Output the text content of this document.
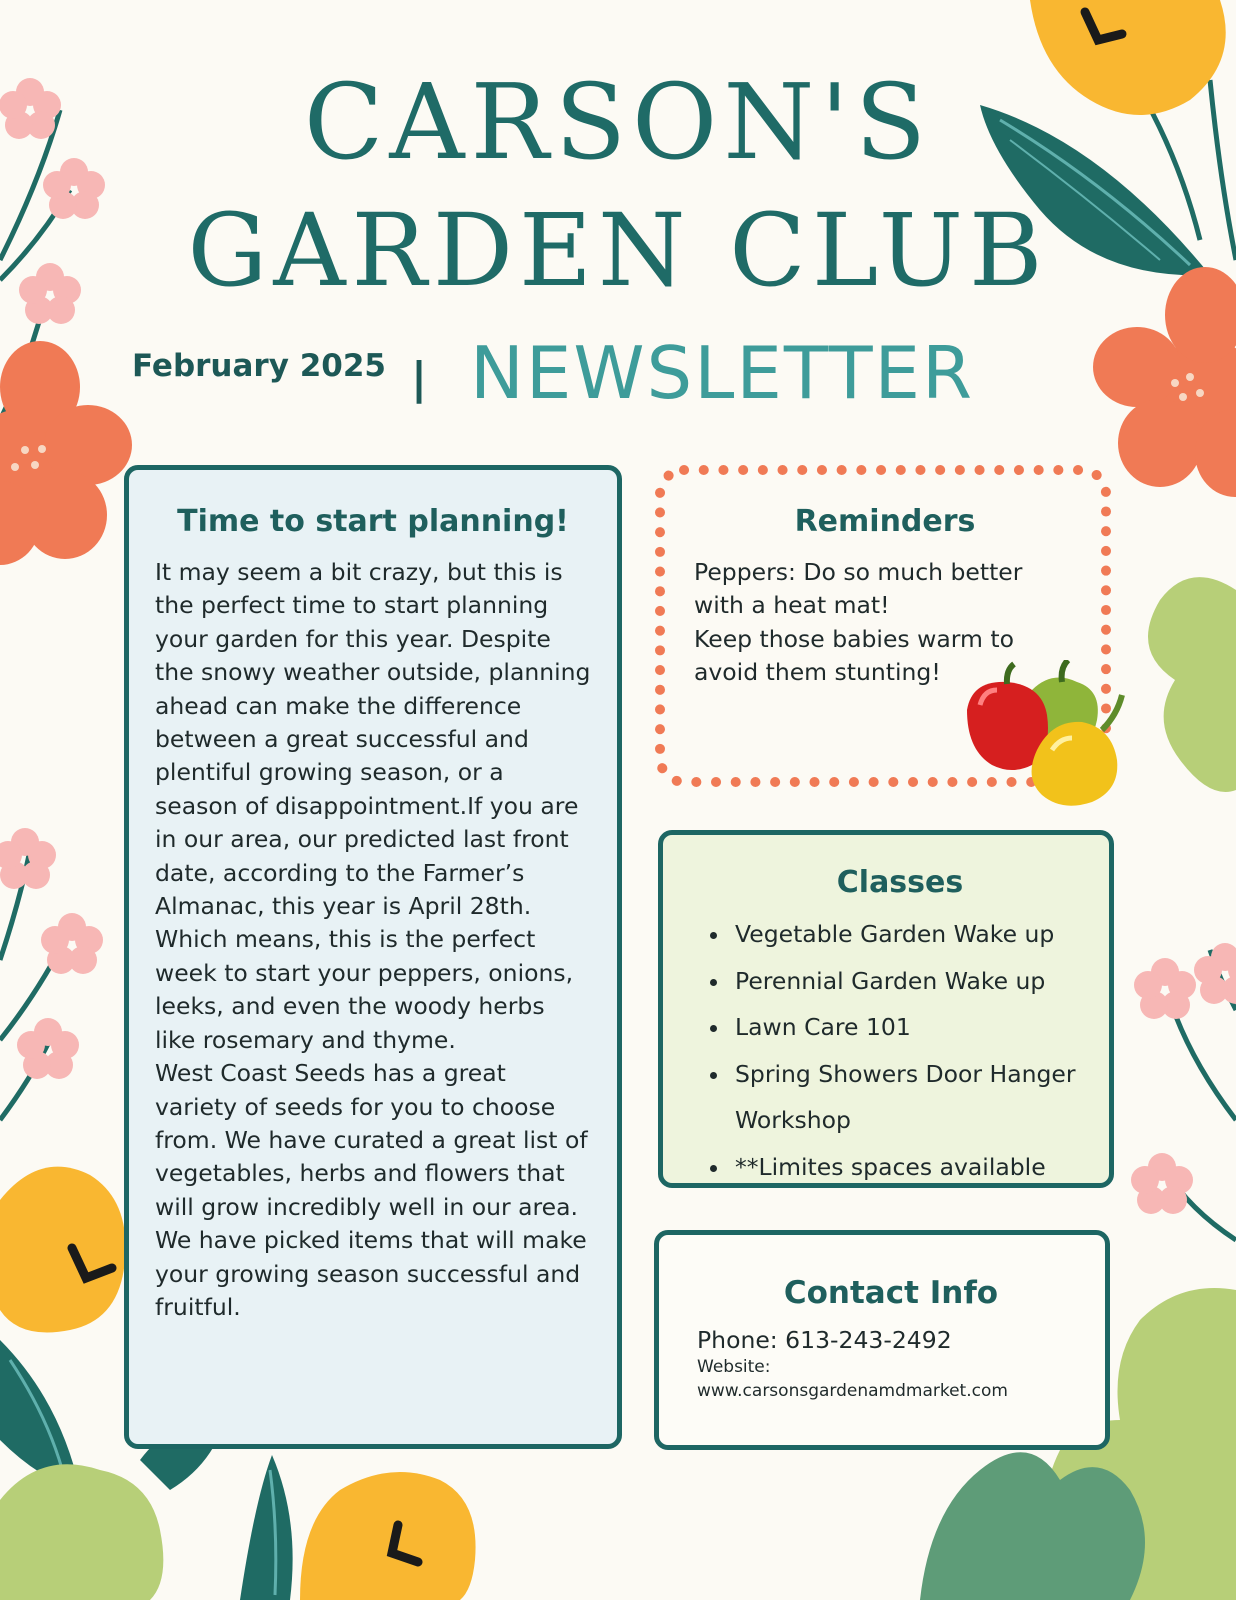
CARSON'S
GARDEN CLUB
February 2025 | NEWSLETTER
Time to start planning!

It may seem a bit crazy, but this is the perfect time to start planning your garden for this year. Despite the snowy weather outside, planning ahead can make the difference between a great successful and plentiful growing season, or a season of disappointment.If you are in our area, our predicted last front date, according to the Farmer’s Almanac, this year is April 28th. Which means, this is the perfect week to start your peppers, onions, leeks, and even the woody herbs like rosemary and thyme.

West Coast Seeds has a great variety of seeds for you to choose from. We have curated a great list of vegetables, herbs and flowers that will grow incredibly well in our area. We have picked items that will make your growing season successful and fruitful.

Reminders

Peppers: Do so much better with a heat mat!

Keep those babies warm to avoid them stunting!

Classes
• Vegetable Garden Wake up
• Perennial Garden Wake up
• Lawn Care 101
• Spring Showers Door Hanger Workshop
• **Limites spaces available
Contact Info
Phone: 613-243-2492
Website:
www.carsonsgardenamdmarket.com
